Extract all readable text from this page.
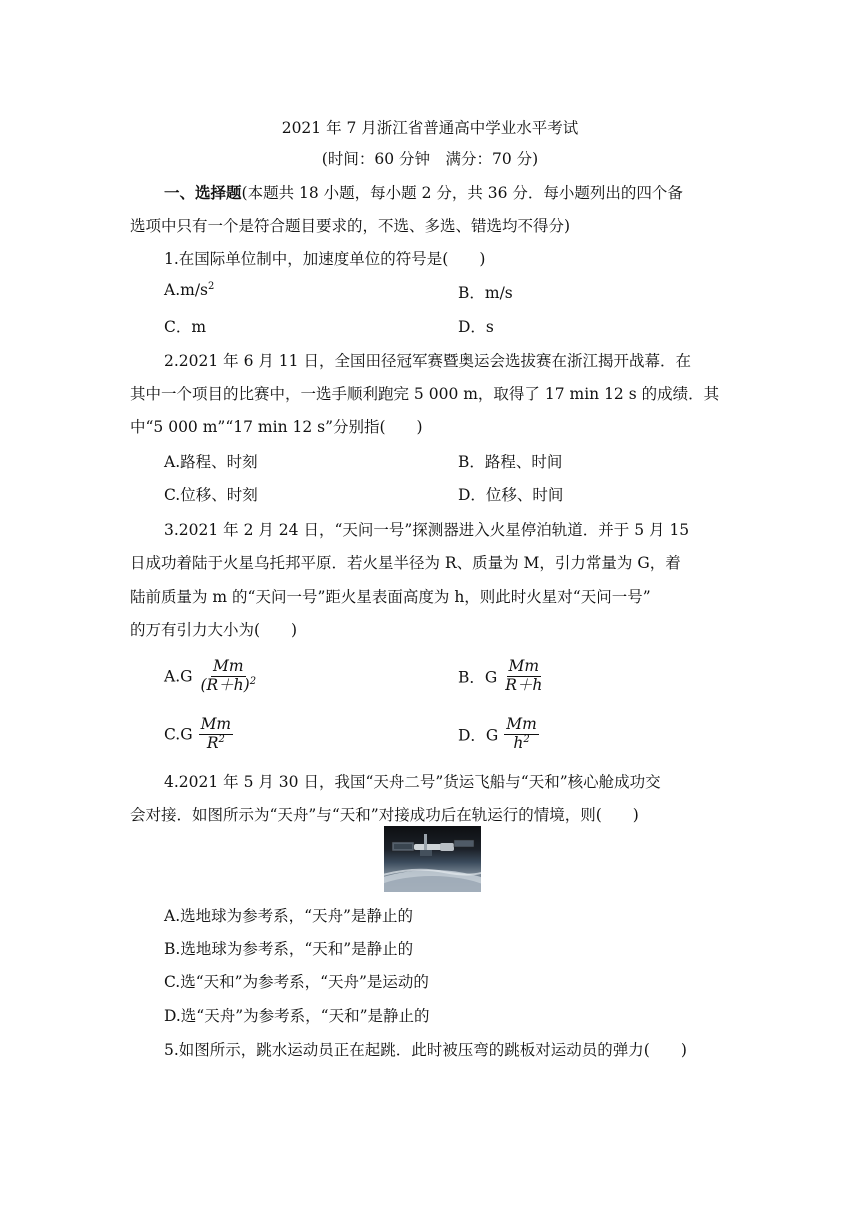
2021 年 7 月浙江省普通高中学业水平考试
(时间：60 分钟　满分：70 分)
一、选择题(本题共 18 小题，每小题 2 分，共 36 分．每小题列出的四个备
选项中只有一个是符合题目要求的，不选、多选、错选均不得分)
1.在国际单位制中，加速度单位的符号是(　　)
$A.m/s^2$	B．m/s
C．m	D．s
2.2021 年 6 月 11 日，全国田径冠军赛暨奥运会选拔赛在浙江揭开战幕．在
其中一个项目的比赛中，一选手顺利跑完 5 000 m，取得了 17 min 12 s 的成绩．其
中“5 000 m”“17 min 12 s”分别指(　　)
A.路程、时刻	B．路程、时间
C.位移、时刻	D．位移、时间
3.2021 年 2 月 24 日，“天问一号”探测器进入火星停泊轨道．并于 5 月 15
日成功着陆于火星乌托邦平原．若火星半径为 R、质量为 M，引力常量为 G，着
陆前质量为 m 的“天问一号”距火星表面高度为 h，则此时火星对“天问一号”
的万有引力大小为(　　)
$A.G \frac{Mm}{(R+h)^2}$	B．G $\frac{Mm}{R+h}$
$C.G \frac{Mm}{R^2}$	D．G $\frac{Mm}{h^2}$
4.2021 年 5 月 30 日，我国“天舟二号”货运飞船与“天和”核心舱成功交
会对接．如图所示为“天舟”与“天和”对接成功后在轨运行的情境，则(　　)
A.选地球为参考系，“天舟”是静止的
B.选地球为参考系，“天和”是静止的
C.选“天和”为参考系，“天舟”是运动的
D.选“天舟”为参考系，“天和”是静止的
5.如图所示，跳水运动员正在起跳．此时被压弯的跳板对运动员的弹力(　　)
